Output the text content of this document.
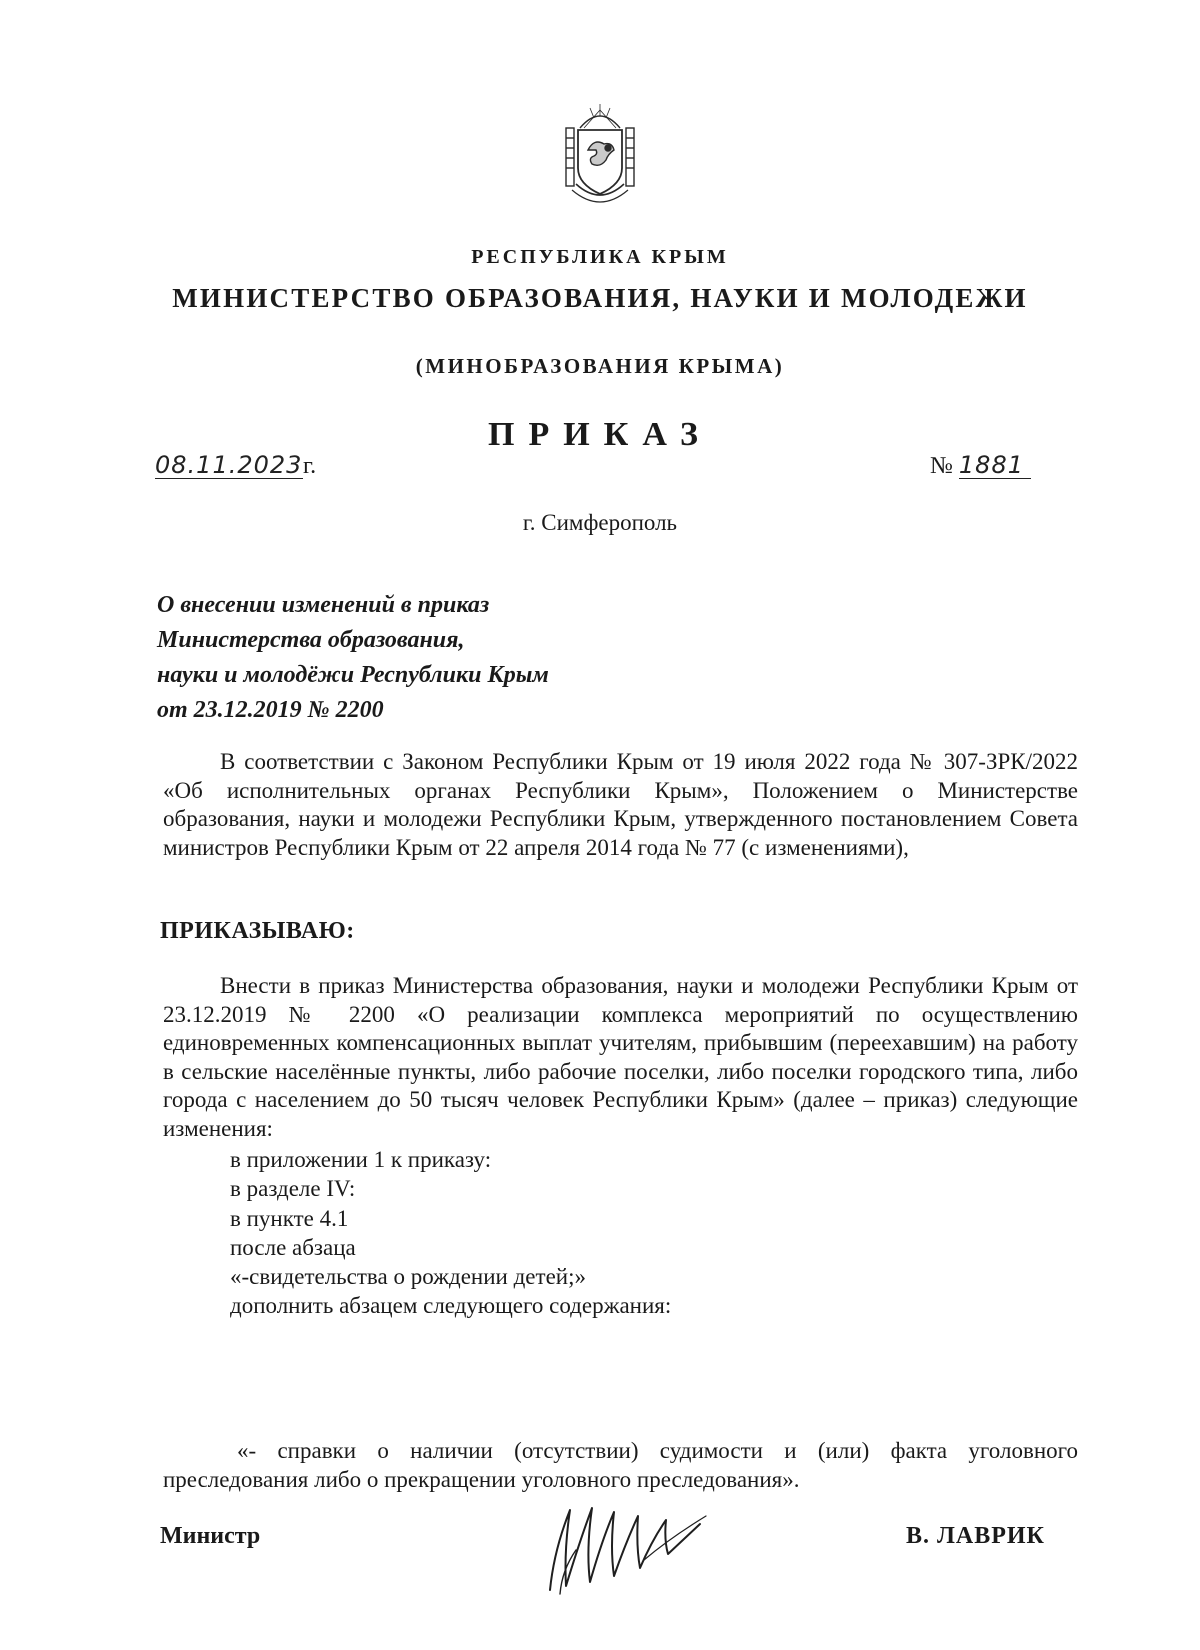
РЕСПУБЛИКА КРЫМ
МИНИСТЕРСТВО ОБРАЗОВАНИЯ, НАУКИ И МОЛОДЕЖИ
(МИНОБРАЗОВАНИЯ КРЫМА)
ПРИКАЗ
08.11.2023г.	№ 1881
г. Симферополь
О внесении изменений в приказ
Министерства образования,
науки и молодёжи Республики Крым
от 23.12.2019 № 2200
В соответствии с Законом Республики Крым от 19 июля 2022 года № 307-ЗРК/2022 «Об исполнительных органах Республики Крым», Положением о Министерстве образования, науки и молодежи Республики Крым, утвержденного постановлением Совета министров Республики Крым от 22 апреля 2014 года № 77 (с изменениями),
ПРИКАЗЫВАЮ:
Внести в приказ Министерства образования, науки и молодежи Республики Крым от 23.12.2019 № 2200 «О реализации комплекса мероприятий по осуществлению единовременных компенсационных выплат учителям, прибывшим (переехавшим) на работу в сельские населённые пункты, либо рабочие поселки, либо поселки городского типа, либо города с населением до 50 тысяч человек Республики Крым» (далее – приказ) следующие изменения:
в приложении 1 к приказу:
в разделе IV:
в пункте 4.1
после абзаца
«-свидетельства о рождении детей;»
дополнить абзацем следующего содержания:
«- справки о наличии (отсутствии) судимости и (или) факта уголовного преследования либо о прекращении уголовного преследования».
Министр	В. ЛАВРИК
